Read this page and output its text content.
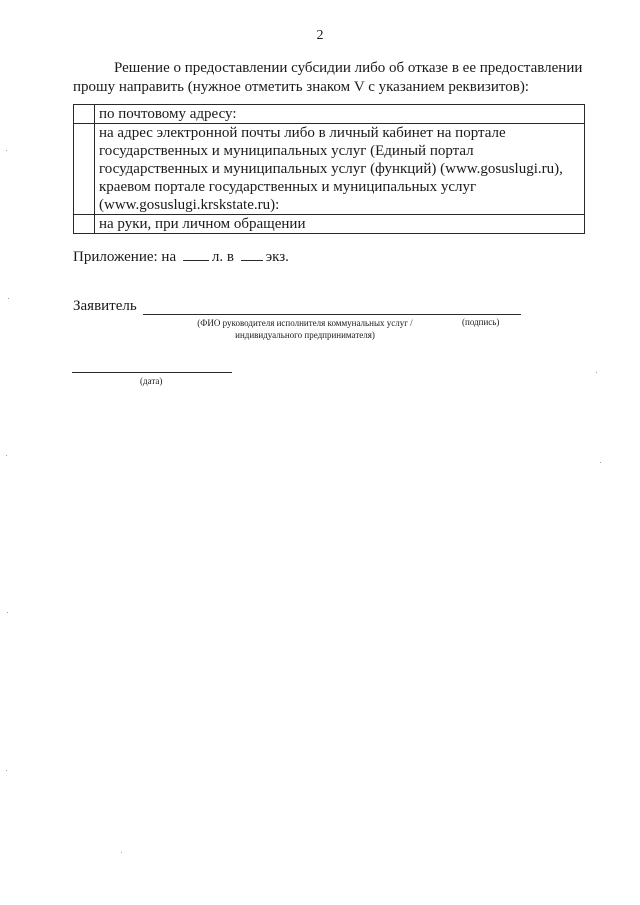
2
Решение о предоставлении субсидии либо об отказе в ее предоставлении
прошу направить (нужное отметить знаком V с указанием реквизитов):
	по почтовому адресу:
	на адрес электронной почты либо в личный кабинет на портале государственных и муниципальных услуг (Единый портал государственных и муниципальных услуг (функций) (www.gosuslugi.ru), краевом портале государственных и муниципальных услуг (www.gosuslugi.krskstate.ru):
	на руки, при личном обращении
Приложение: на л. в экз.
Заявитель
(ФИО руководителя исполнителя коммунальных услуг /
индивидуального предпринимателя)
(подпись)
(дата)
